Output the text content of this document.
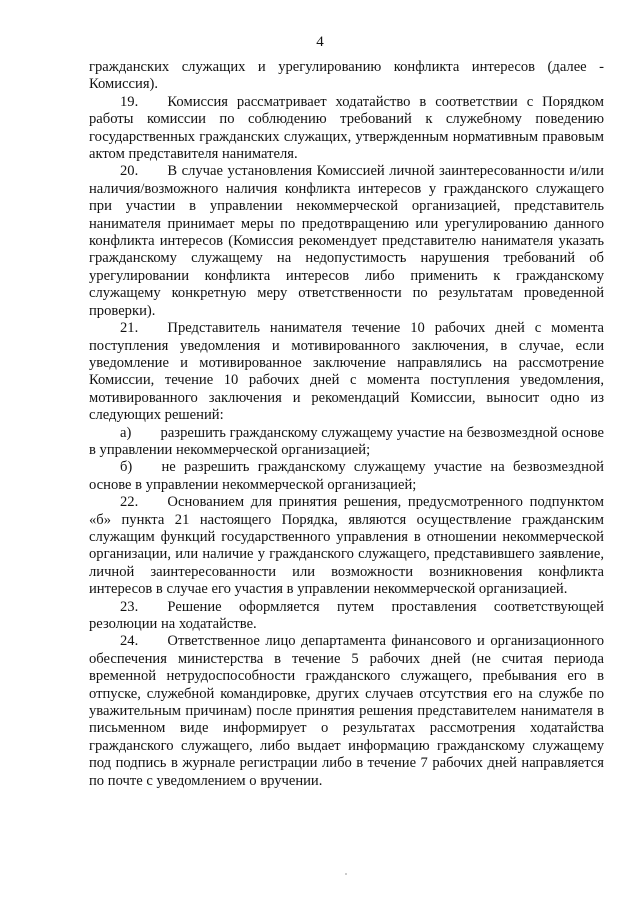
4

гражданских служащих и урегулированию конфликта интересов (далее - Комиссия).

19.  Комиссия рассматривает ходатайство в соответствии с Порядком работы комиссии по соблюдению требований к служебному поведению государственных гражданских служащих, утвержденным нормативным правовым актом представителя нанимателя.

20.  В случае установления Комиссией личной заинтересованности и/или наличия/возможного наличия конфликта интересов у гражданского служащего при участии в управлении некоммерческой организацией, представитель нанимателя принимает меры по предотвращению или урегулированию данного конфликта интересов (Комиссия рекомендует представителю нанимателя указать гражданскому служащему на недопустимость нарушения требований об урегулировании конфликта интересов либо применить к гражданскому служащему конкретную меру ответственности по результатам проведенной проверки).

21.  Представитель нанимателя течение 10 рабочих дней с момента поступления уведомления и мотивированного заключения, в случае, если уведомление и мотивированное заключение направлялись на рассмотрение Комиссии, течение 10 рабочих дней с момента поступления уведомления, мотивированного заключения и рекомендаций Комиссии, выносит одно из следующих решений:

а)  разрешить гражданскому служащему участие на безвозмездной основе в управлении некоммерческой организацией;

б)  не разрешить гражданскому служащему участие на безвозмездной основе в управлении некоммерческой организацией;

22.  Основанием для принятия решения, предусмотренного подпунктом «б» пункта 21 настоящего Порядка, являются осуществление гражданским служащим функций государственного управления в отношении некоммерческой организации, или наличие у гражданского служащего, представившего заявление, личной заинтересованности или возможности возникновения конфликта интересов в случае его участия в управлении некоммерческой организацией.

23.  Решение оформляется путем проставления соответствующей резолюции на ходатайстве.

24.  Ответственное лицо департамента финансового и организационного обеспечения министерства в течение 5 рабочих дней (не считая периода временной нетрудоспособности гражданского служащего, пребывания его в отпуске, служебной командировке, других случаев отсутствия его на службе по уважительным причинам) после принятия решения представителем нанимателя в письменном виде информирует о результатах рассмотрения ходатайства гражданского служащего, либо выдает информацию гражданскому служащему под подпись в журнале регистрации либо в течение 7 рабочих дней направляется по почте с уведомлением о вручении.
